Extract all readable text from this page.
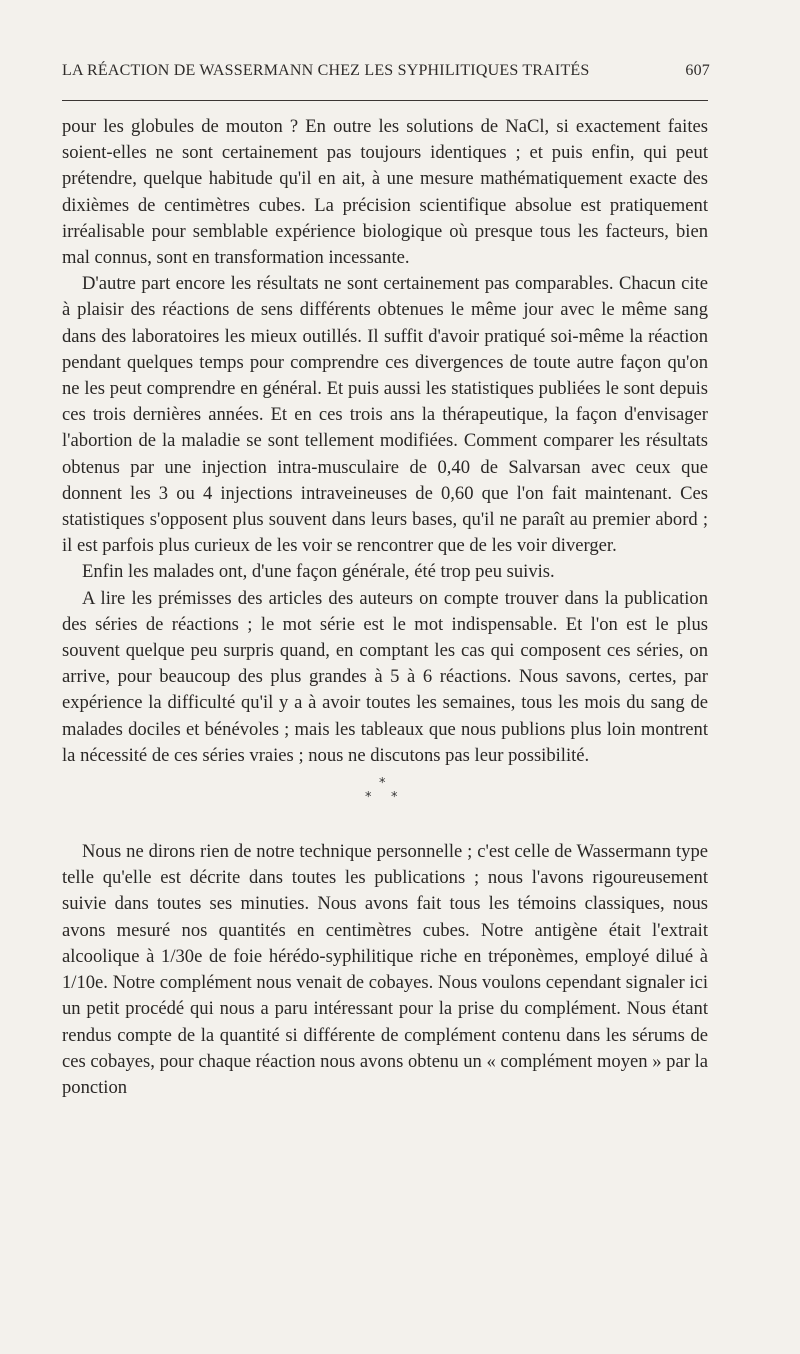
LA RÉACTION DE WASSERMANN CHEZ LES SYPHILITIQUES TRAITÉS	607

pour les globules de mouton ? En outre les solutions de NaCl, si exactement faites soient-elles ne sont certainement pas toujours identiques ; et puis enfin, qui peut prétendre, quelque habitude qu'il en ait, à une mesure mathématiquement exacte des dixièmes de centimètres cubes. La précision scientifique absolue est pratiquement irréalisable pour semblable expérience biologique où presque tous les facteurs, bien mal connus, sont en transformation incessante.

D'autre part encore les résultats ne sont certainement pas comparables. Chacun cite à plaisir des réactions de sens différents obtenues le même jour avec le même sang dans des laboratoires les mieux outillés. Il suffit d'avoir pratiqué soi-même la réaction pendant quelques temps pour comprendre ces divergences de toute autre façon qu'on ne les peut comprendre en général. Et puis aussi les statistiques publiées le sont depuis ces trois dernières années. Et en ces trois ans la thérapeutique, la façon d'envisager l'abortion de la maladie se sont tellement modifiées. Comment comparer les résultats obtenus par une injection intra-musculaire de 0,40 de Salvarsan avec ceux que donnent les 3 ou 4 injections intraveineuses de 0,60 que l'on fait maintenant. Ces statistiques s'opposent plus souvent dans leurs bases, qu'il ne paraît au premier abord ; il est parfois plus curieux de les voir se rencontrer que de les voir diverger.

Enfin les malades ont, d'une façon générale, été trop peu suivis.

A lire les prémisses des articles des auteurs on compte trouver dans la publication des séries de réactions ; le mot série est le mot indispensable. Et l'on est le plus souvent quelque peu surpris quand, en comptant les cas qui composent ces séries, on arrive, pour beaucoup des plus grandes à 5 à 6 réactions. Nous savons, certes, par expérience la difficulté qu'il y a à avoir toutes les semaines, tous les mois du sang de malades dociles et bénévoles ; mais les tableaux que nous publions plus loin montrent la nécessité de ces séries vraies ; nous ne discutons pas leur possibilité.

*
* *

Nous ne dirons rien de notre technique personnelle ; c'est celle de Wassermann type telle qu'elle est décrite dans toutes les publications ; nous l'avons rigoureusement suivie dans toutes ses minuties. Nous avons fait tous les témoins classiques, nous avons mesuré nos quantités en centimètres cubes. Notre antigène était l'extrait alcoolique à 1/30e de foie hérédo-syphilitique riche en tréponèmes, employé dilué à 1/10e. Notre complément nous venait de cobayes. Nous voulons cependant signaler ici un petit procédé qui nous a paru intéressant pour la prise du complément. Nous étant rendus compte de la quantité si différente de complément contenu dans les sérums de ces cobayes, pour chaque réaction nous avons obtenu un « complément moyen » par la ponction
